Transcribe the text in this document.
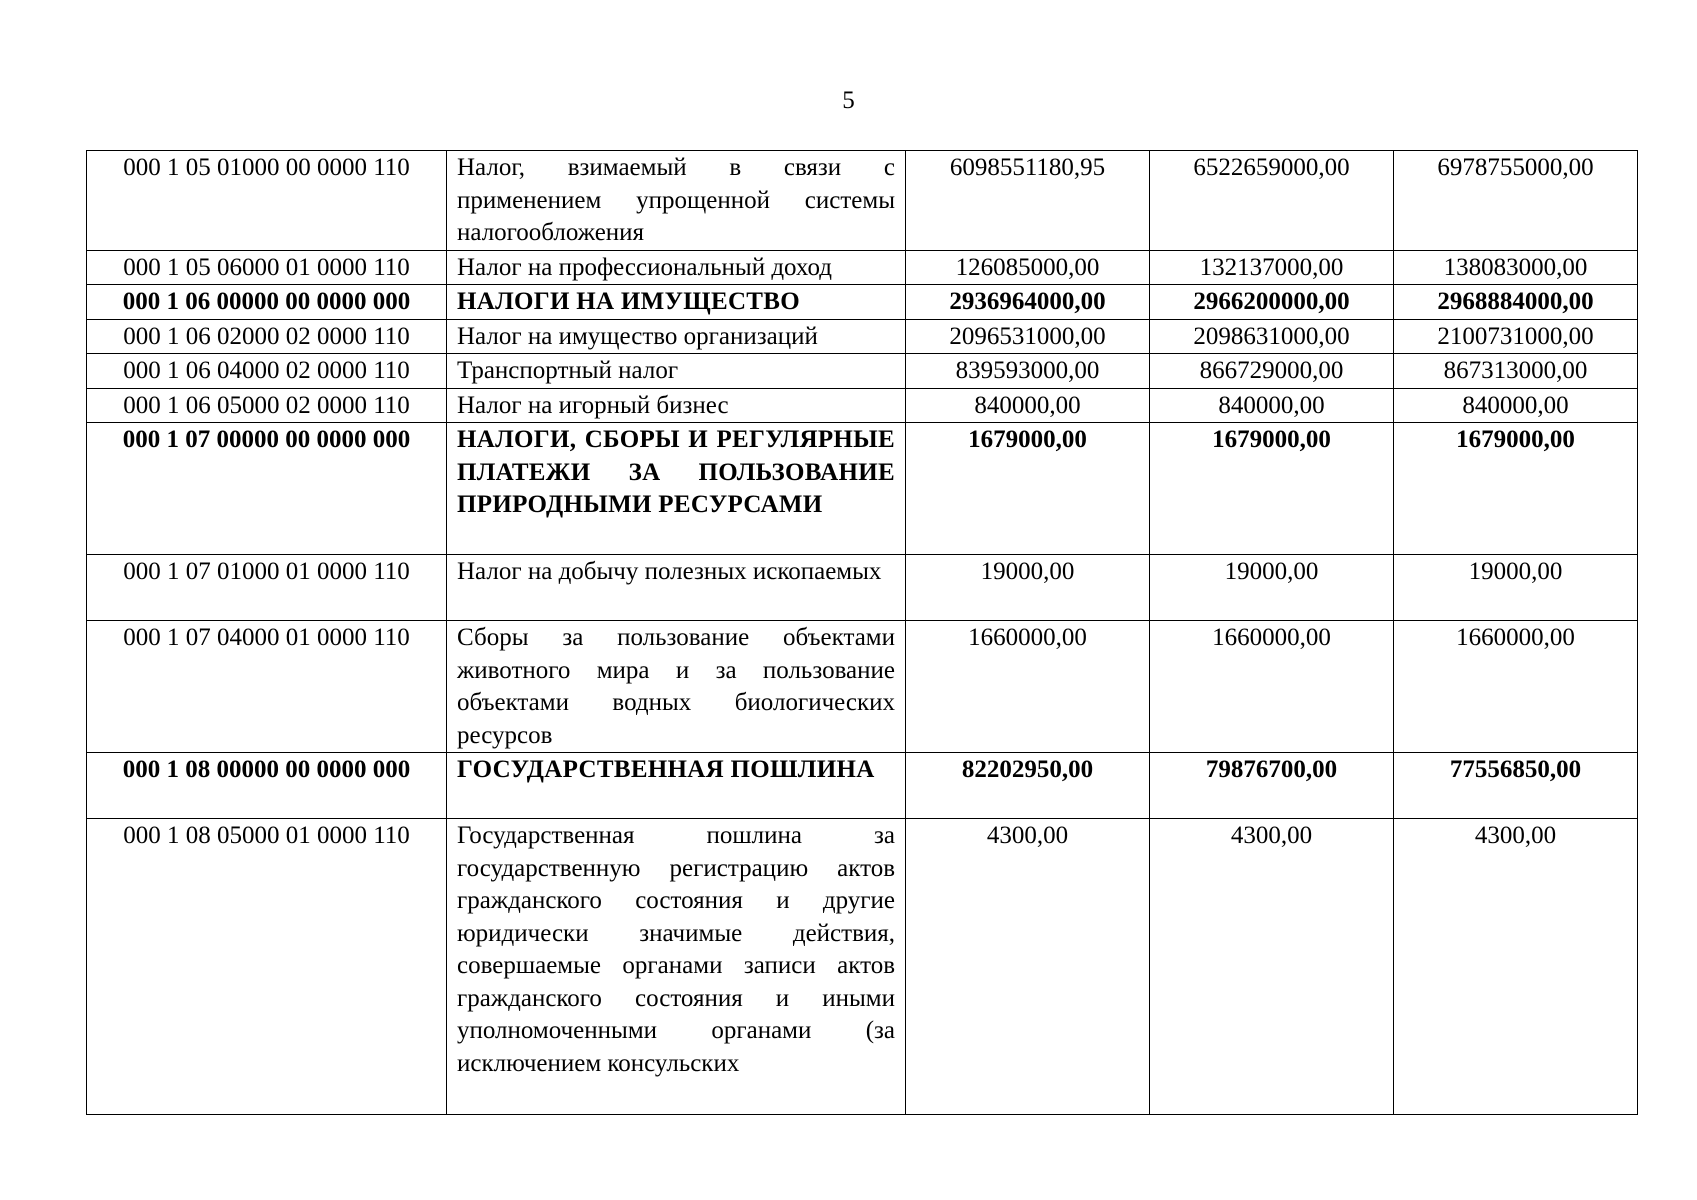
5
000 1 05 01000 00 0000 110	Налог, взимаемый в связи с применением упрощенной системы налогообложения	6098551180,95	6522659000,00	6978755000,00
000 1 05 06000 01 0000 110	Налог на профессиональный доход	126085000,00	132137000,00	138083000,00
000 1 06 00000 00 0000 000	НАЛОГИ НА ИМУЩЕСТВО	2936964000,00	2966200000,00	2968884000,00
000 1 06 02000 02 0000 110	Налог на имущество организаций	2096531000,00	2098631000,00	2100731000,00
000 1 06 04000 02 0000 110	Транспортный налог	839593000,00	866729000,00	867313000,00
000 1 06 05000 02 0000 110	Налог на игорный бизнес	840000,00	840000,00	840000,00
000 1 07 00000 00 0000 000	НАЛОГИ, СБОРЫ И РЕГУЛЯРНЫЕ ПЛАТЕЖИ ЗА ПОЛЬЗОВАНИЕ ПРИРОДНЫМИ РЕСУРСАМИ	1679000,00	1679000,00	1679000,00
000 1 07 01000 01 0000 110	Налог на добычу полезных ископаемых	19000,00	19000,00	19000,00
000 1 07 04000 01 0000 110	Сборы за пользование объектами животного мира и за пользование объектами водных биологических ресурсов	1660000,00	1660000,00	1660000,00
000 1 08 00000 00 0000 000	ГОСУДАРСТВЕННАЯ ПОШЛИНА	82202950,00	79876700,00	77556850,00
000 1 08 05000 01 0000 110	Государственная пошлина за государственную регистрацию актов гражданского состояния и другие юридически значимые действия, совершаемые органами записи актов гражданского состояния и иными уполномоченными органами (за исключением консульских	4300,00	4300,00	4300,00
